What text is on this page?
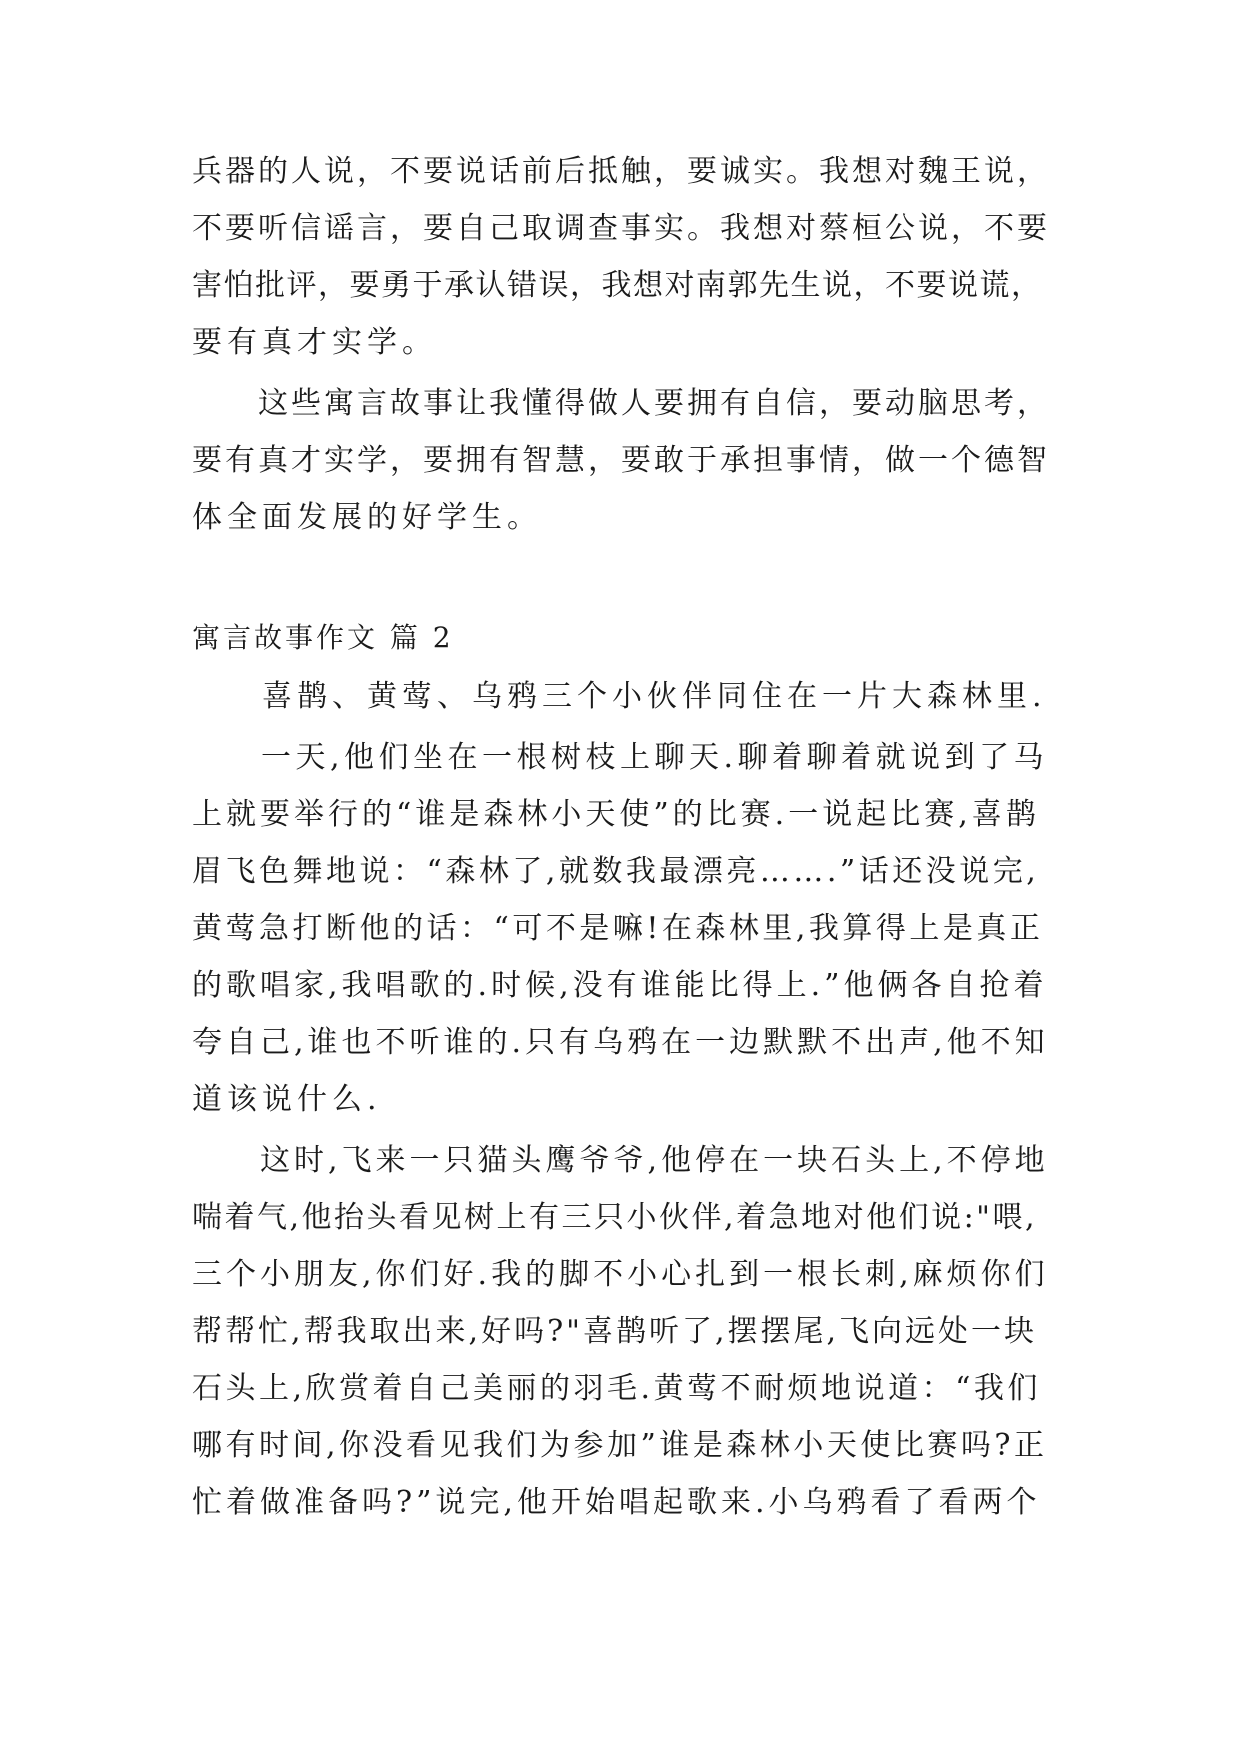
兵器的人说，不要说话前后抵触，要诚实。我想对魏王说，
不要听信谣言，要自己取调查事实。我想对蔡桓公说，不要
害怕批评，要勇于承认错误，我想对南郭先生说，不要说谎，
要有真才实学。
　　这些寓言故事让我懂得做人要拥有自信，要动脑思考，
要有真才实学，要拥有智慧，要敢于承担事情，做一个德智
体全面发展的好学生。
寓言故事作文 篇 2
　　喜鹊、黄莺、乌鸦三个小伙伴同住在一片大森林里.
　　一天,他们坐在一根树枝上聊天.聊着聊着就说到了马
上就要举行的“谁是森林小天使”的比赛.一说起比赛,喜鹊
眉飞色舞地说：“森林了,就数我最漂亮…….”话还没说完,
黄莺急打断他的话：“可不是嘛!在森林里,我算得上是真正
的歌唱家,我唱歌的.时候,没有谁能比得上.”他俩各自抢着
夸自己,谁也不听谁的.只有乌鸦在一边默默不出声,他不知
道该说什么.
　　这时,飞来一只猫头鹰爷爷,他停在一块石头上,不停地
喘着气,他抬头看见树上有三只小伙伴,着急地对他们说:"喂,
三个小朋友,你们好.我的脚不小心扎到一根长刺,麻烦你们
帮帮忙,帮我取出来,好吗?"喜鹊听了,摆摆尾,飞向远处一块
石头上,欣赏着自己美丽的羽毛.黄莺不耐烦地说道：“我们
哪有时间,你没看见我们为参加”谁是森林小天使比赛吗?正
忙着做准备吗?”说完,他开始唱起歌来.小乌鸦看了看两个
